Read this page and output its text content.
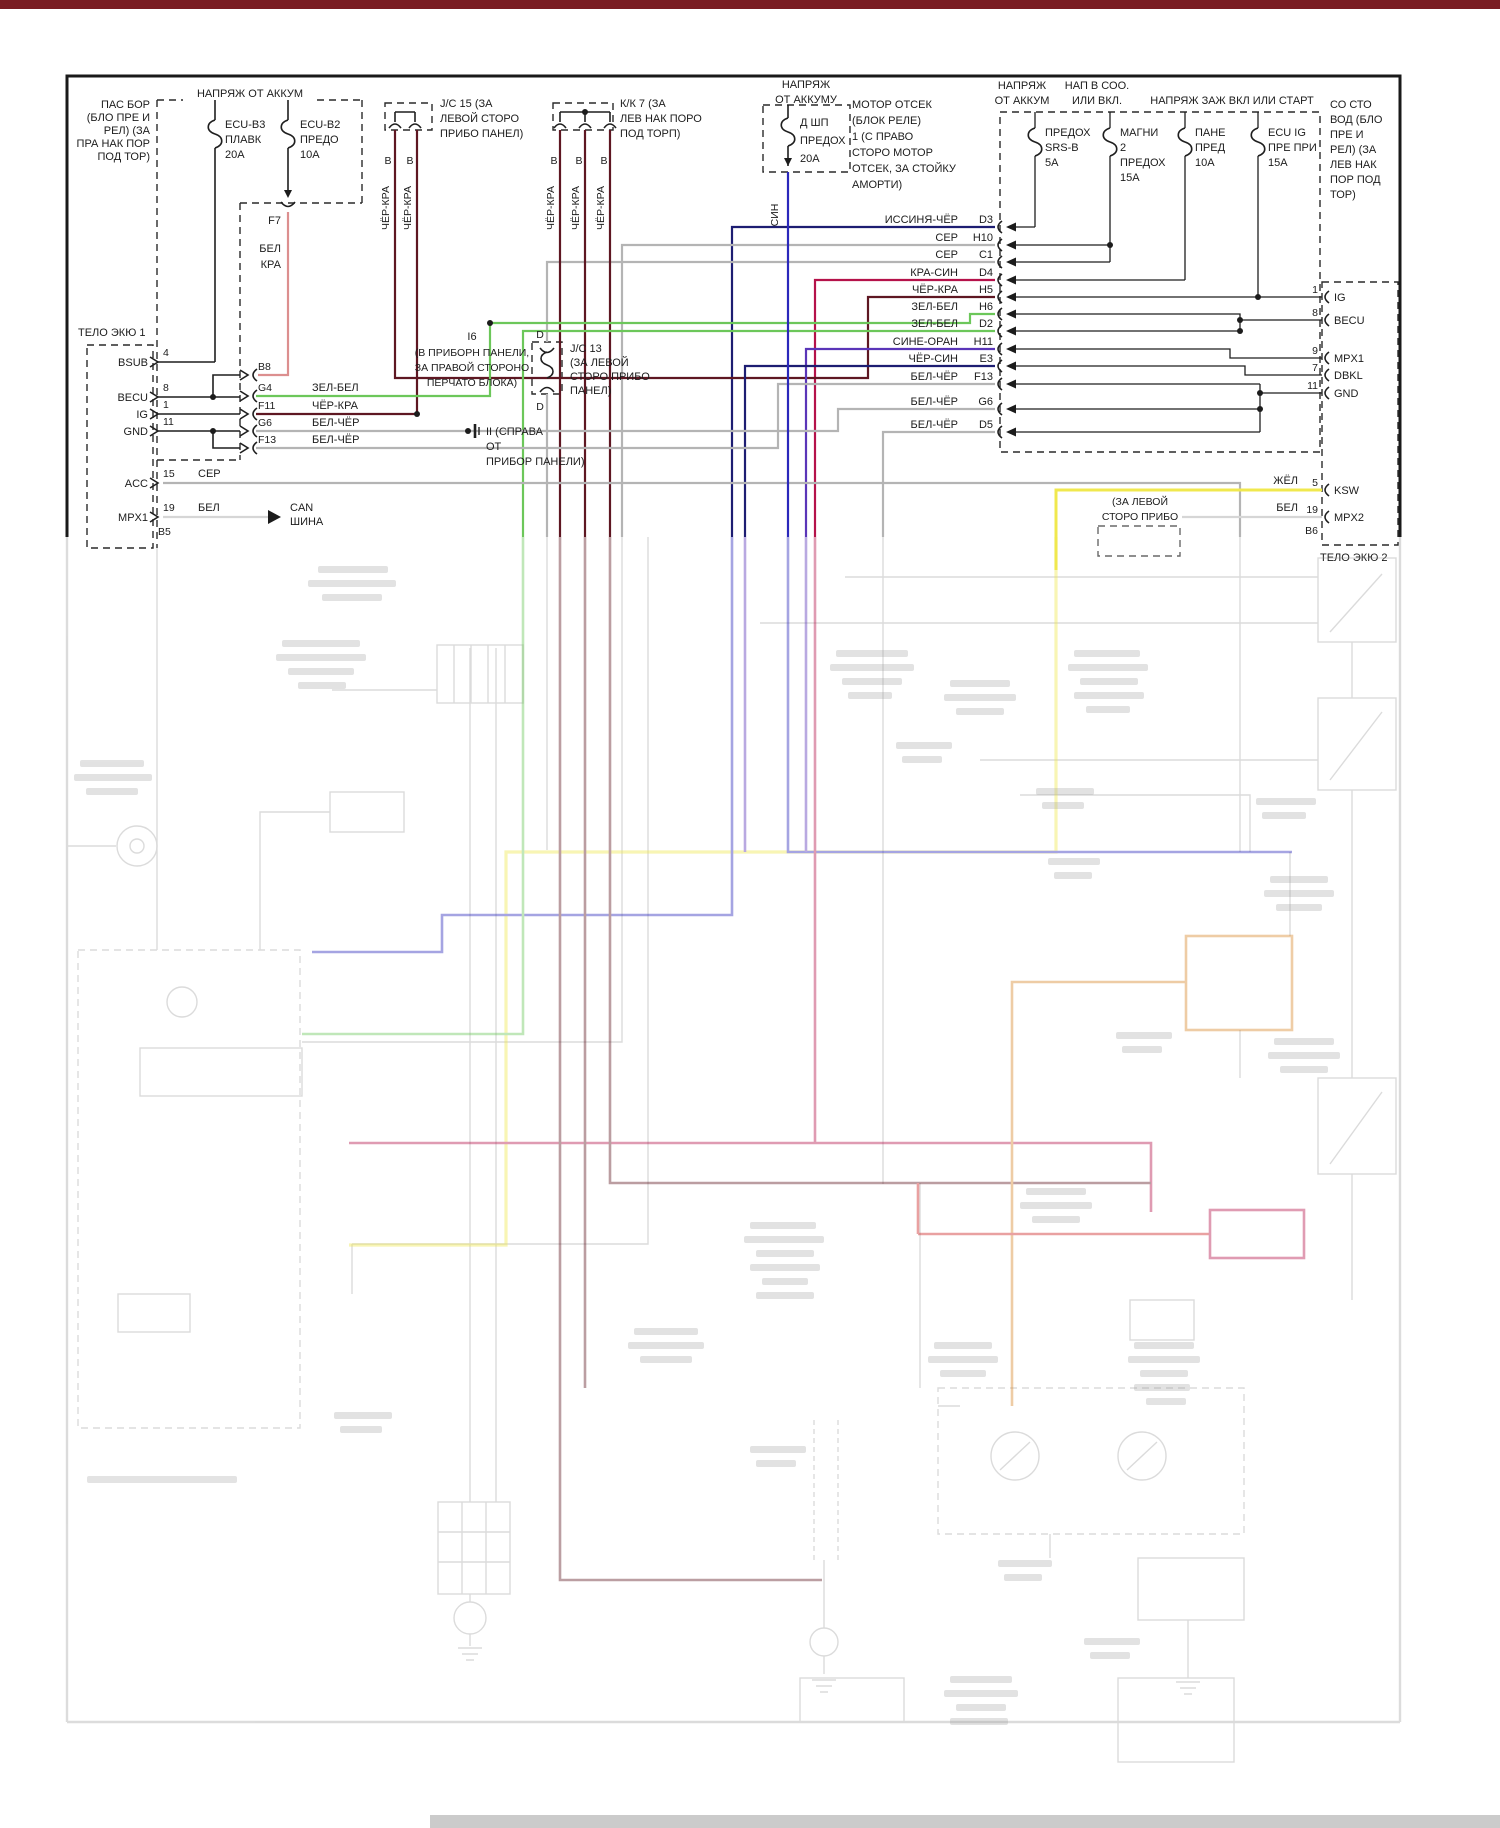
НАПРЯЖ ОТ АККУМ
ПАС БОР
(БЛО ПРЕ И
РЕЛ) (ЗА
ПРА НАК ПОР
ПОД ТОР)
ECU-B3
ПЛАВК
20А
ECU-B2
ПРЕДО
10А
F7
БЕЛ
КРА
ТЕЛО ЭКЮ 1
BSUB
4
BECU
8
IG
1
GND
11
ACC
15 СЕР
MPX1
19 БЕЛ
B5
CAN
ШИНА
B8
G4	ЗЕЛ-БЕЛ
F11	ЧЁР-КРА
G6	БЕЛ-ЧЁР
F13	БЕЛ-ЧЁР
I6
(В ПРИБОРН ПАНЕЛИ,
ЗА ПРАВОЙ СТОРОНО
ПЕРЧАТО БЛОКА)
II (СПРАВА
ОТ
ПРИБОР ПАНЕЛИ)
J/C 15 (ЗА
ЛЕВОЙ СТОРО
ПРИБО ПАНЕЛ)
B B
ЧЁР-КРА ЧЁР-КРА
К/К 7 (ЗА
ЛЕВ НАК ПОРО
ПОД ТОРП)
B B B
ЧЁР-КРА ЧЁР-КРА ЧЁР-КРА
D
D
J/C 13
(ЗА ЛЕВОЙ
СТОРО ПРИБО
ПАНЕЛ)
НАПРЯЖ
ОТ АККУМУ
Д ШП
ПРЕДОХ
20А
СИН
МОТОР ОТСЕК
(БЛОК РЕЛЕ)
1 (С ПРАВО
СТОРО МОТОР
ОТСЕК, ЗА СТОЙКУ
АМОРТИ)
ИССИНЯ-ЧЁР D3
СЕР H10
СЕР C1
КРА-СИН D4
ЧЁР-КРА H5
ЗЕЛ-БЕЛ H6
ЗЕЛ-БЕЛ D2
СИНЕ-ОРАН H11
ЧЁР-СИН E3
БЕЛ-ЧЁР F13
БЕЛ-ЧЁР G6
БЕЛ-ЧЁР D5
НАПРЯЖ
ОТ АККУМ
НАП В СОО.
ИЛИ ВКЛ.	НАПРЯЖ ЗАЖ ВКЛ ИЛИ СТАРТ
ПРЕДОХ
SRS-B
5А
МАГНИ
2
ПРЕДОХ
15А
ПАНЕ
ПРЕД
10А
ECU IG
ПРЕ ПРИ
15А
СО СТО
ВОД (БЛО
ПРЕ И
РЕЛ) (ЗА
ЛЕВ НАК
ПОР ПОД
ТОР)
1
IG
8
BECU
9
MPX1
7
DBKL
11
GND
ЖЁЛ 5
KSW
БЕЛ 19
MPX2
B6
ТЕЛО ЭКЮ 2
(ЗА ЛЕВОЙ
СТОРО ПРИБО
